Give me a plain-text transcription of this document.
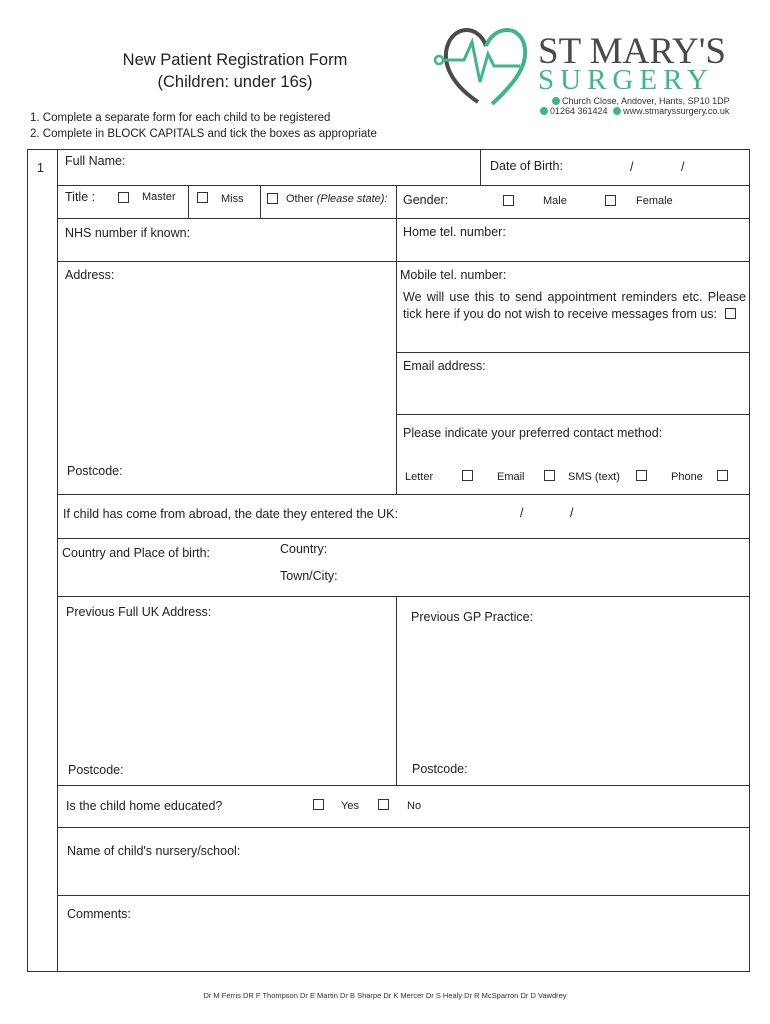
New Patient Registration Form
(Children: under 16s)
1. Complete a separate form for each child to be registered
2. Complete in BLOCK CAPITALS and tick the boxes as appropriate
ST MARY'S
SURGERY
Church Close, Andover, Hants, SP10 1DP
01264 361424 www.stmaryssurgery.co.uk
1 Full Name:	Date of Birth:	/	/
Title :	Master	Miss	Other (Please state): Gender:	Male	Female
NHS number if known:	Home tel. number:
Address:	Mobile tel. number:
We will use this to send appointment reminders etc. Please tick here if you do not wish to receive messages from us:
Email address:
Please indicate your preferred contact method:
Postcode:	Letter	Email	SMS (text)	Phone
If child has come from abroad, the date they entered the UK:	/	/
Country and Place of birth:	Country:
Town/City:
Previous Full UK Address:	Previous GP Practice:
Postcode:	Postcode:
Is the child home educated?	Yes	No
Name of child's nursery/school:
Comments:
Dr M Ferris DR F Thompson Dr E Martin Dr B Sharpe Dr K Mercer Dr S Healy Dr R McSparron Dr D Vawdrey
